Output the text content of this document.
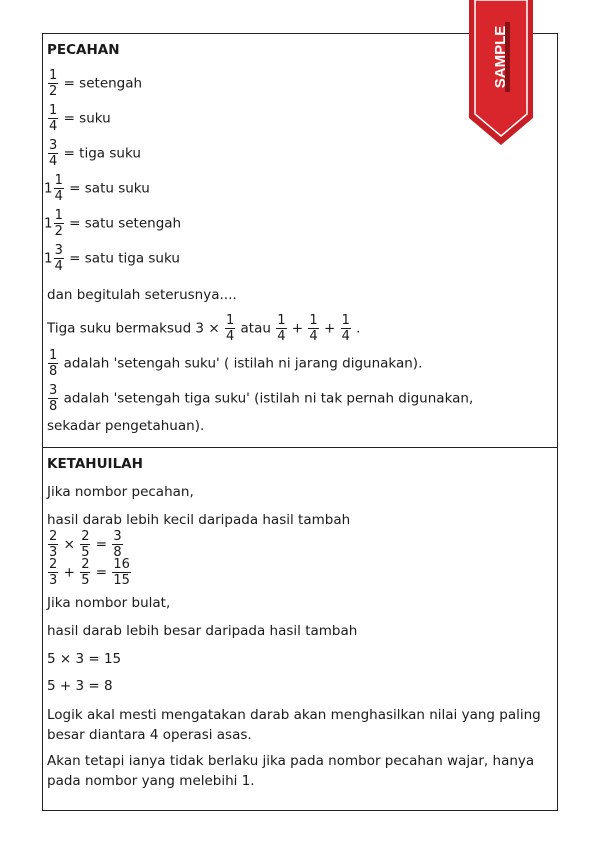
PECAHAN
$\frac{1}{2}$ = setengah
$\frac{1}{4}$ = suku
$\frac{3}{4}$ = tiga suku
$1 \frac{1}{4}$ = satu suku
$1 \frac{1}{2}$ = satu setengah
$1 \frac{3}{4}$ = satu tiga suku
dan begitulah seterusnya....
Tiga suku bermaksud $3 \times \frac{1}{4}$ atau $\frac{1}{4} + \frac{1}{4} + \frac{1}{4}$ .
$\frac{1}{8}$ adalah 'setengah suku' ( istilah ni jarang digunakan).
$\frac{3}{8}$ adalah 'setengah tiga suku' (istilah ni tak pernah digunakan,
sekadar pengetahuan).
KETAHUILAH
Jika nombor pecahan,
hasil darab lebih kecil daripada hasil tambah
$\frac{2}{3} \times \frac{2}{5} = \frac{3}{8}$
$\frac{2}{3} + \frac{2}{5} = \frac{16}{15}$
Jika nombor bulat,
hasil darab lebih besar daripada hasil tambah
5 × 3 = 15
5 + 3 = 8
Logik akal mesti mengatakan darab akan menghasilkan nilai yang paling besar diantara 4 operasi asas.
Akan tetapi ianya tidak berlaku jika pada nombor pecahan wajar, hanya pada nombor yang melebihi 1.
SAMPLE
